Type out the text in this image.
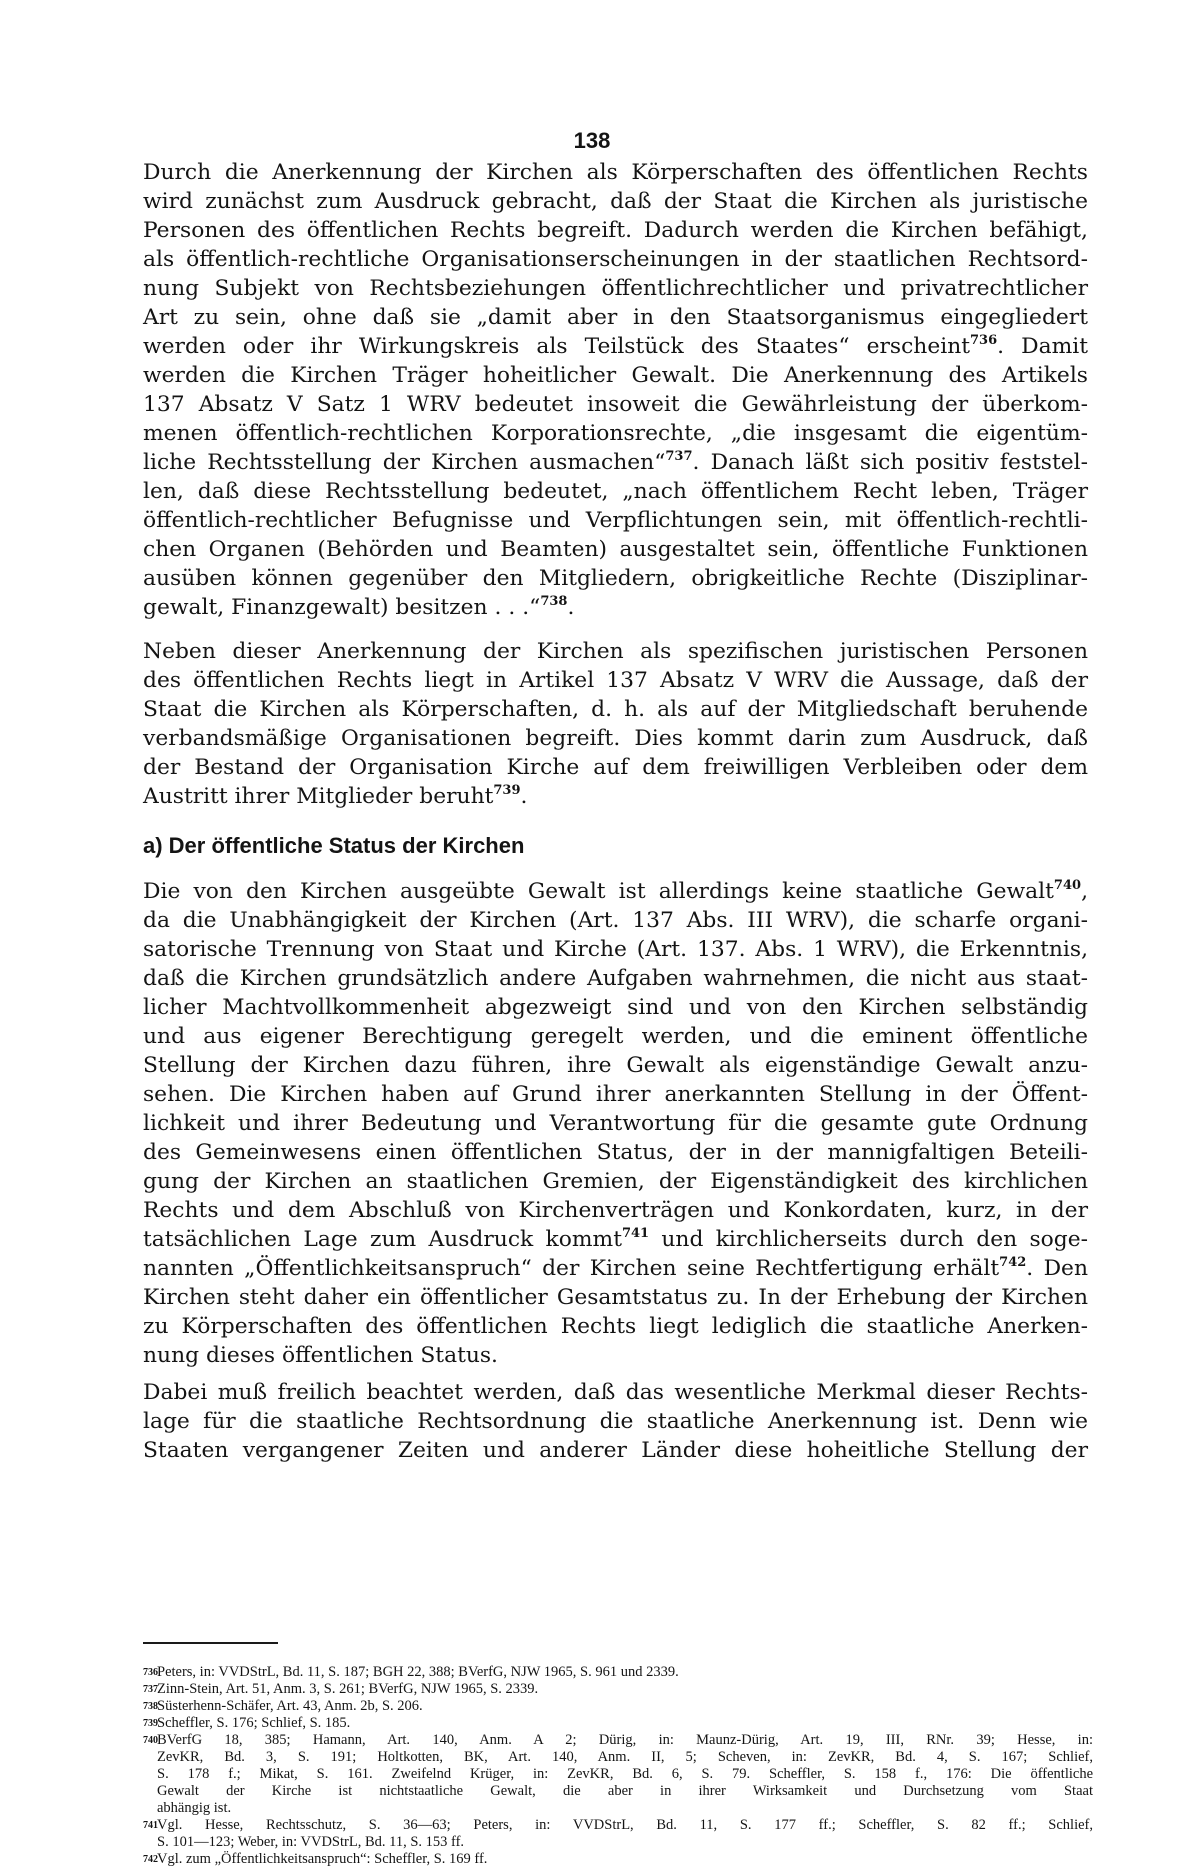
138
Durch die Anerkennung der Kirchen als Körperschaften des öffentlichen Rechts
wird zunächst zum Ausdruck gebracht, daß der Staat die Kirchen als juristische
Personen des öffentlichen Rechts begreift. Dadurch werden die Kirchen befähigt,
als öffentlich-rechtliche Organisationserscheinungen in der staatlichen Rechtsord-
nung Subjekt von Rechtsbeziehungen öffentlichrechtlicher und privatrechtlicher
Art zu sein, ohne daß sie „damit aber in den Staatsorganismus eingegliedert
werden oder ihr Wirkungskreis als Teilstück des Staates“ erscheint$^{736}$. Damit
werden die Kirchen Träger hoheitlicher Gewalt. Die Anerkennung des Artikels
137 Absatz V Satz 1 WRV bedeutet insoweit die Gewährleistung der überkom-
menen öffentlich-rechtlichen Korporationsrechte, „die insgesamt die eigentüm-
liche Rechtsstellung der Kirchen ausmachen“$^{737}$. Danach läßt sich positiv feststel-
len, daß diese Rechtsstellung bedeutet, „nach öffentlichem Recht leben, Träger
öffentlich-rechtlicher Befugnisse und Verpflichtungen sein, mit öffentlich-rechtli-
chen Organen (Behörden und Beamten) ausgestaltet sein, öffentliche Funktionen
ausüben können gegenüber den Mitgliedern, obrigkeitliche Rechte (Disziplinar-
gewalt, Finanzgewalt) besitzen . . .“$^{738}$.
Neben dieser Anerkennung der Kirchen als spezifischen juristischen Personen
des öffentlichen Rechts liegt in Artikel 137 Absatz V WRV die Aussage, daß der
Staat die Kirchen als Körperschaften, d. h. als auf der Mitgliedschaft beruhende
verbandsmäßige Organisationen begreift. Dies kommt darin zum Ausdruck, daß
der Bestand der Organisation Kirche auf dem freiwilligen Verbleiben oder dem
Austritt ihrer Mitglieder beruht$^{739}$.
a) Der öffentliche Status der Kirchen
Die von den Kirchen ausgeübte Gewalt ist allerdings keine staatliche Gewalt$^{740}$,
da die Unabhängigkeit der Kirchen (Art. 137 Abs. III WRV), die scharfe organi-
satorische Trennung von Staat und Kirche (Art. 137. Abs. 1 WRV), die Erkenntnis,
daß die Kirchen grundsätzlich andere Aufgaben wahrnehmen, die nicht aus staat-
licher Machtvollkommenheit abgezweigt sind und von den Kirchen selbständig
und aus eigener Berechtigung geregelt werden, und die eminent öffentliche
Stellung der Kirchen dazu führen, ihre Gewalt als eigenständige Gewalt anzu-
sehen. Die Kirchen haben auf Grund ihrer anerkannten Stellung in der Öffent-
lichkeit und ihrer Bedeutung und Verantwortung für die gesamte gute Ordnung
des Gemeinwesens einen öffentlichen Status, der in der mannigfaltigen Beteili-
gung der Kirchen an staatlichen Gremien, der Eigenständigkeit des kirchlichen
Rechts und dem Abschluß von Kirchenverträgen und Konkordaten, kurz, in der
tatsächlichen Lage zum Ausdruck kommt$^{741}$ und kirchlicherseits durch den soge-
nannten „Öffentlichkeitsanspruch“ der Kirchen seine Rechtfertigung erhält$^{742}$. Den
Kirchen steht daher ein öffentlicher Gesamtstatus zu. In der Erhebung der Kirchen
zu Körperschaften des öffentlichen Rechts liegt lediglich die staatliche Anerken-
nung dieses öffentlichen Status.
Dabei muß freilich beachtet werden, daß das wesentliche Merkmal dieser Rechts-
lage für die staatliche Rechtsordnung die staatliche Anerkennung ist. Denn wie
Staaten vergangener Zeiten und anderer Länder diese hoheitliche Stellung der
736 Peters, in: VVDStrL, Bd. 11, S. 187; BGH 22, 388; BVerfG, NJW 1965, S. 961 und 2339.
737 Zinn-Stein, Art. 51, Anm. 3, S. 261; BVerfG, NJW 1965, S. 2339.
738 Süsterhenn-Schäfer, Art. 43, Anm. 2b, S. 206.
739 Scheffler, S. 176; Schlief, S. 185.
740 BVerfG 18, 385; Hamann, Art. 140, Anm. A 2; Dürig, in: Maunz-Dürig, Art. 19, III, RNr. 39; Hesse, in:
ZevKR, Bd. 3, S. 191; Holtkotten, BK, Art. 140, Anm. II, 5; Scheven, in: ZevKR, Bd. 4, S. 167; Schlief,
S. 178 f.; Mikat, S. 161. Zweifelnd Krüger, in: ZevKR, Bd. 6, S. 79. Scheffler, S. 158 f., 176: Die öffentliche
Gewalt der Kirche ist nichtstaatliche Gewalt, die aber in ihrer Wirksamkeit und Durchsetzung vom Staat
abhängig ist.
741 Vgl. Hesse, Rechtsschutz, S. 36—63; Peters, in: VVDStrL, Bd. 11, S. 177 ff.; Scheffler, S. 82 ff.; Schlief,
S. 101—123; Weber, in: VVDStrL, Bd. 11, S. 153 ff.
742 Vgl. zum „Öffentlichkeitsanspruch“: Scheffler, S. 169 ff.
